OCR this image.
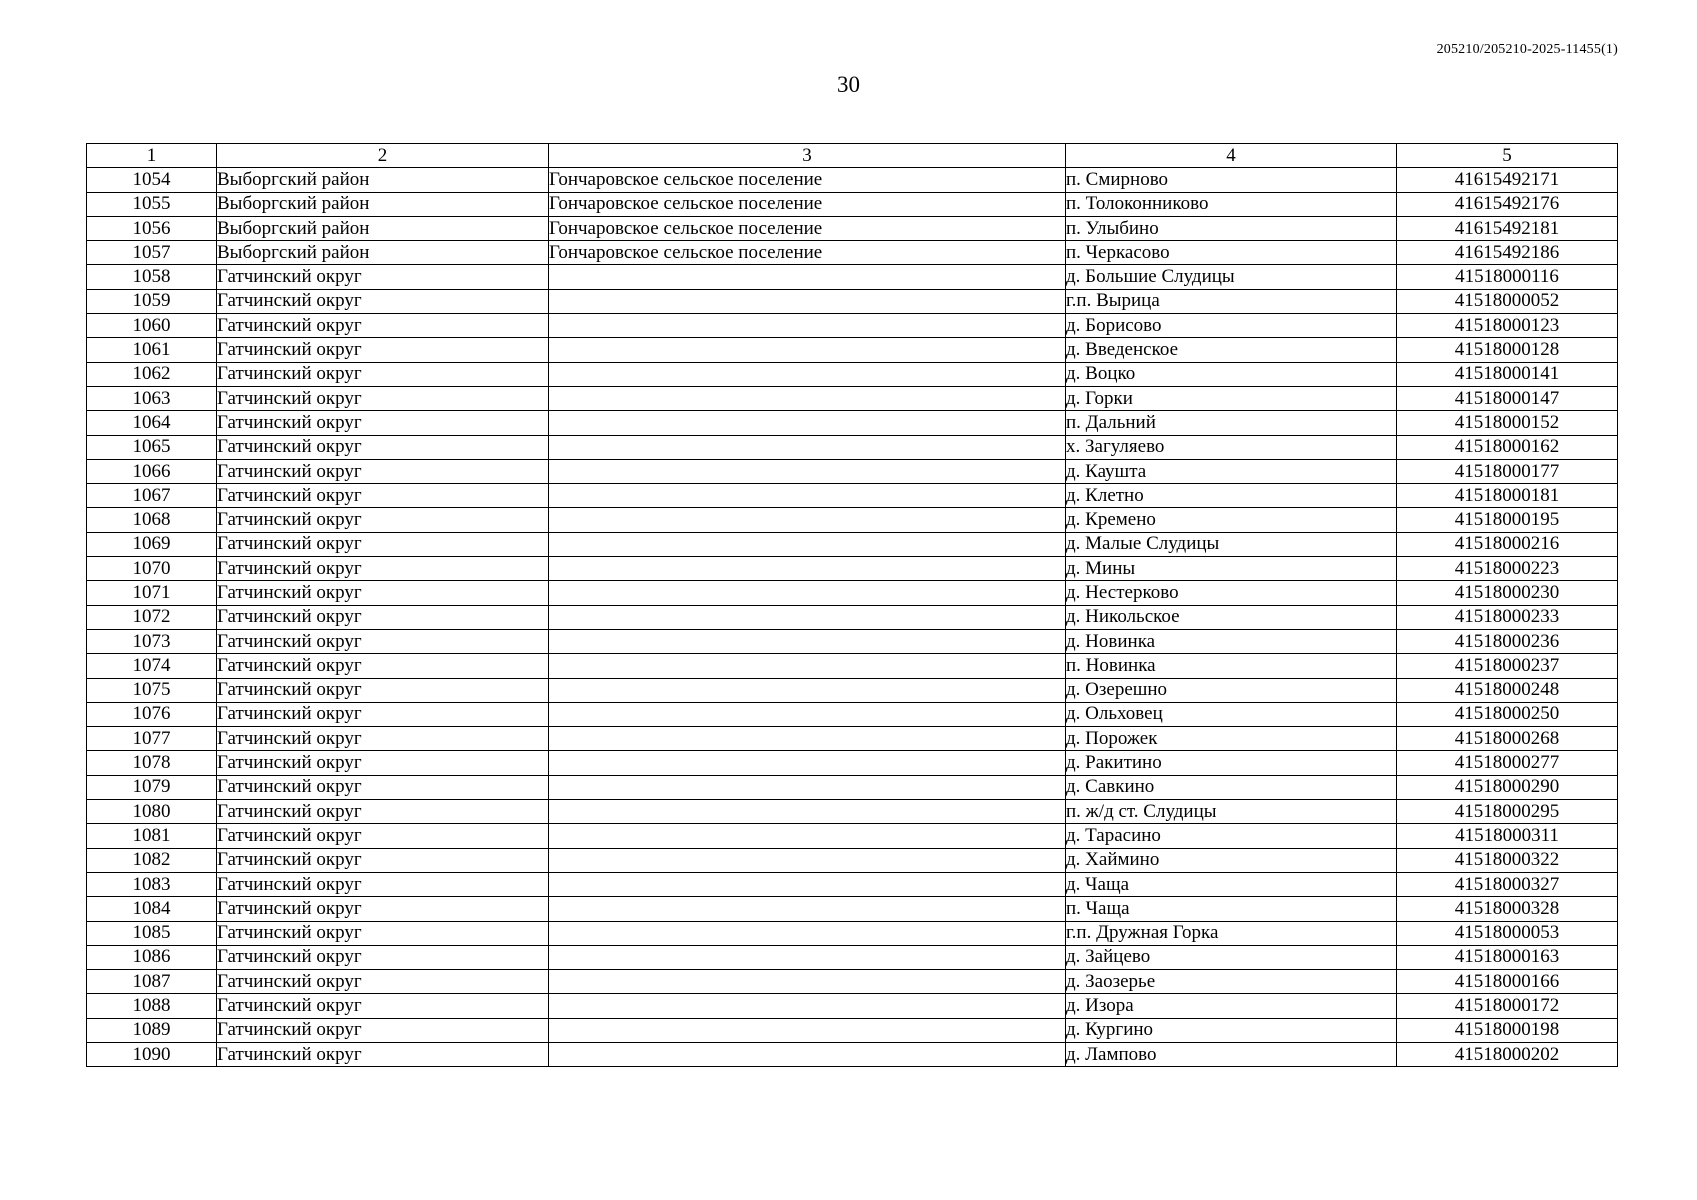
205210/205210-2025-11455(1)
30
1	2	3	4	5
1054	Выборгский район	Гончаровское сельское поселение	п. Смирново	41615492171
1055	Выборгский район	Гончаровское сельское поселение	п. Толоконниково	41615492176
1056	Выборгский район	Гончаровское сельское поселение	п. Улыбино	41615492181
1057	Выборгский район	Гончаровское сельское поселение	п. Черкасово	41615492186
1058	Гатчинский округ		д. Большие Слудицы	41518000116
1059	Гатчинский округ		г.п. Вырица	41518000052
1060	Гатчинский округ		д. Борисово	41518000123
1061	Гатчинский округ		д. Введенское	41518000128
1062	Гатчинский округ		д. Воцко	41518000141
1063	Гатчинский округ		д. Горки	41518000147
1064	Гатчинский округ		п. Дальний	41518000152
1065	Гатчинский округ		х. Загуляево	41518000162
1066	Гатчинский округ		д. Каушта	41518000177
1067	Гатчинский округ		д. Клетно	41518000181
1068	Гатчинский округ		д. Кремено	41518000195
1069	Гатчинский округ		д. Малые Слудицы	41518000216
1070	Гатчинский округ		д. Мины	41518000223
1071	Гатчинский округ		д. Нестерково	41518000230
1072	Гатчинский округ		д. Никольское	41518000233
1073	Гатчинский округ		д. Новинка	41518000236
1074	Гатчинский округ		п. Новинка	41518000237
1075	Гатчинский округ		д. Озерешно	41518000248
1076	Гатчинский округ		д. Ольховец	41518000250
1077	Гатчинский округ		д. Порожек	41518000268
1078	Гатчинский округ		д. Ракитино	41518000277
1079	Гатчинский округ		д. Савкино	41518000290
1080	Гатчинский округ		п. ж/д ст. Слудицы	41518000295
1081	Гатчинский округ		д. Тарасино	41518000311
1082	Гатчинский округ		д. Хаймино	41518000322
1083	Гатчинский округ		д. Чаща	41518000327
1084	Гатчинский округ		п. Чаща	41518000328
1085	Гатчинский округ		г.п. Дружная Горка	41518000053
1086	Гатчинский округ		д. Зайцево	41518000163
1087	Гатчинский округ		д. Заозерье	41518000166
1088	Гатчинский округ		д. Изора	41518000172
1089	Гатчинский округ		д. Кургино	41518000198
1090	Гатчинский округ		д. Лампово	41518000202
